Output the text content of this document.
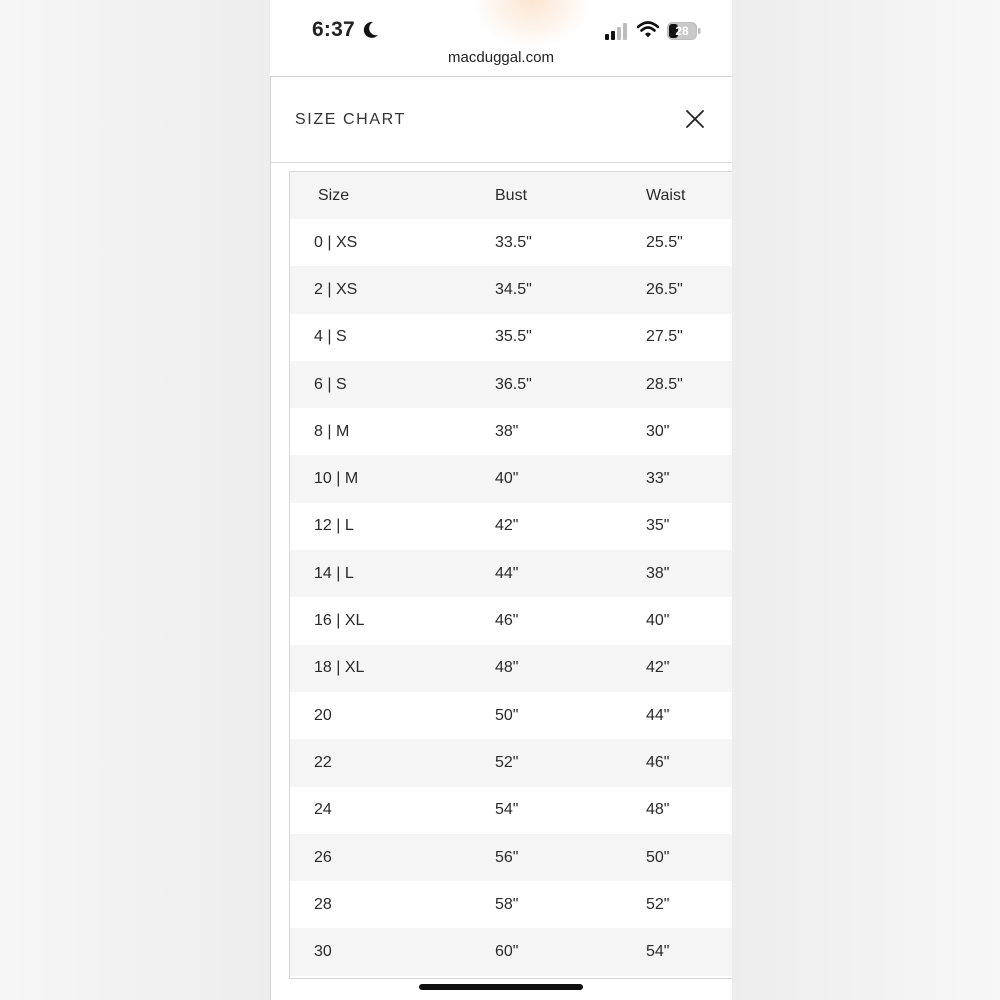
6:37	28
macduggal.com
SIZE CHART
Size	Bust	Waist
0 | XS	33.5"	25.5"
2 | XS	34.5"	26.5"
4 | S	35.5"	27.5"
6 | S	36.5"	28.5"
8 | M	38"	30"
10 | M	40"	33"
12 | L	42"	35"
14 | L	44"	38"
16 | XL	46"	40"
18 | XL	48"	42"
20	50"	44"
22	52"	46"
24	54"	48"
26	56"	50"
28	58"	52"
30	60"	54"
